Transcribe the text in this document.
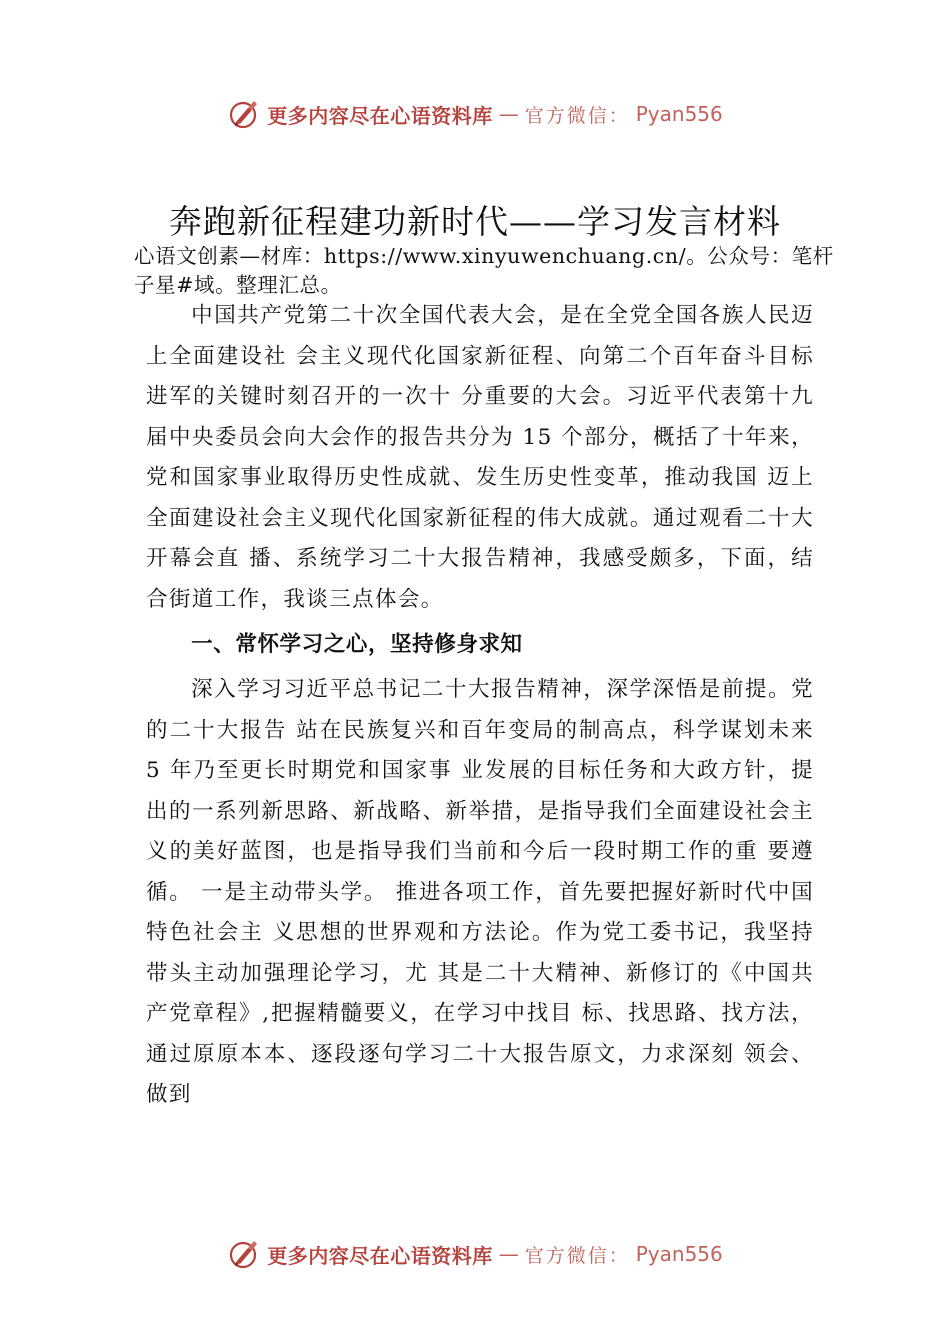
更多内容尽在心语资料库 — 官方微信： Pyan556
奔跑新征程建功新时代——学习发言材料
心语文创素—材库：https://www.xinyuwenchuang.cn/。公众号：笔杆子星#域。整理汇总。

中国共产党第二十次全国代表大会，是在全党全国各族人民迈上全面建设社 会主义现代化国家新征程、向第二个百年奋斗目标进军的关键时刻召开的一次十 分重要的大会。习近平代表第十九届中央委员会向大会作的报告共分为 15 个部分，概括了十年来，党和国家事业取得历史性成就、发生历史性变革，推动我国 迈上全面建设社会主义现代化国家新征程的伟大成就。通过观看二十大开幕会直 播、系统学习二十大报告精神，我感受颇多，下面，结合街道工作，我谈三点体会。

一、常怀学习之心，坚持修身求知

深入学习习近平总书记二十大报告精神，深学深悟是前提。党的二十大报告 站在民族复兴和百年变局的制高点，科学谋划未来 5 年乃至更长时期党和国家事 业发展的目标任务和大政方针，提出的一系列新思路、新战略、新举措，是指导我们全面建设社会主义的美好蓝图，也是指导我们当前和今后一段时期工作的重 要遵循。 一是主动带头学。 推进各项工作，首先要把握好新时代中国特色社会主 义思想的世界观和方法论。作为党工委书记，我坚持带头主动加强理论学习，尤 其是二十大精神、新修订的《中国共产党章程》,把握精髓要义，在学习中找目 标、找思路、找方法，通过原原本本、逐段逐句学习二十大报告原文，力求深刻 领会、做到

更多内容尽在心语资料库 — 官方微信： Pyan556
